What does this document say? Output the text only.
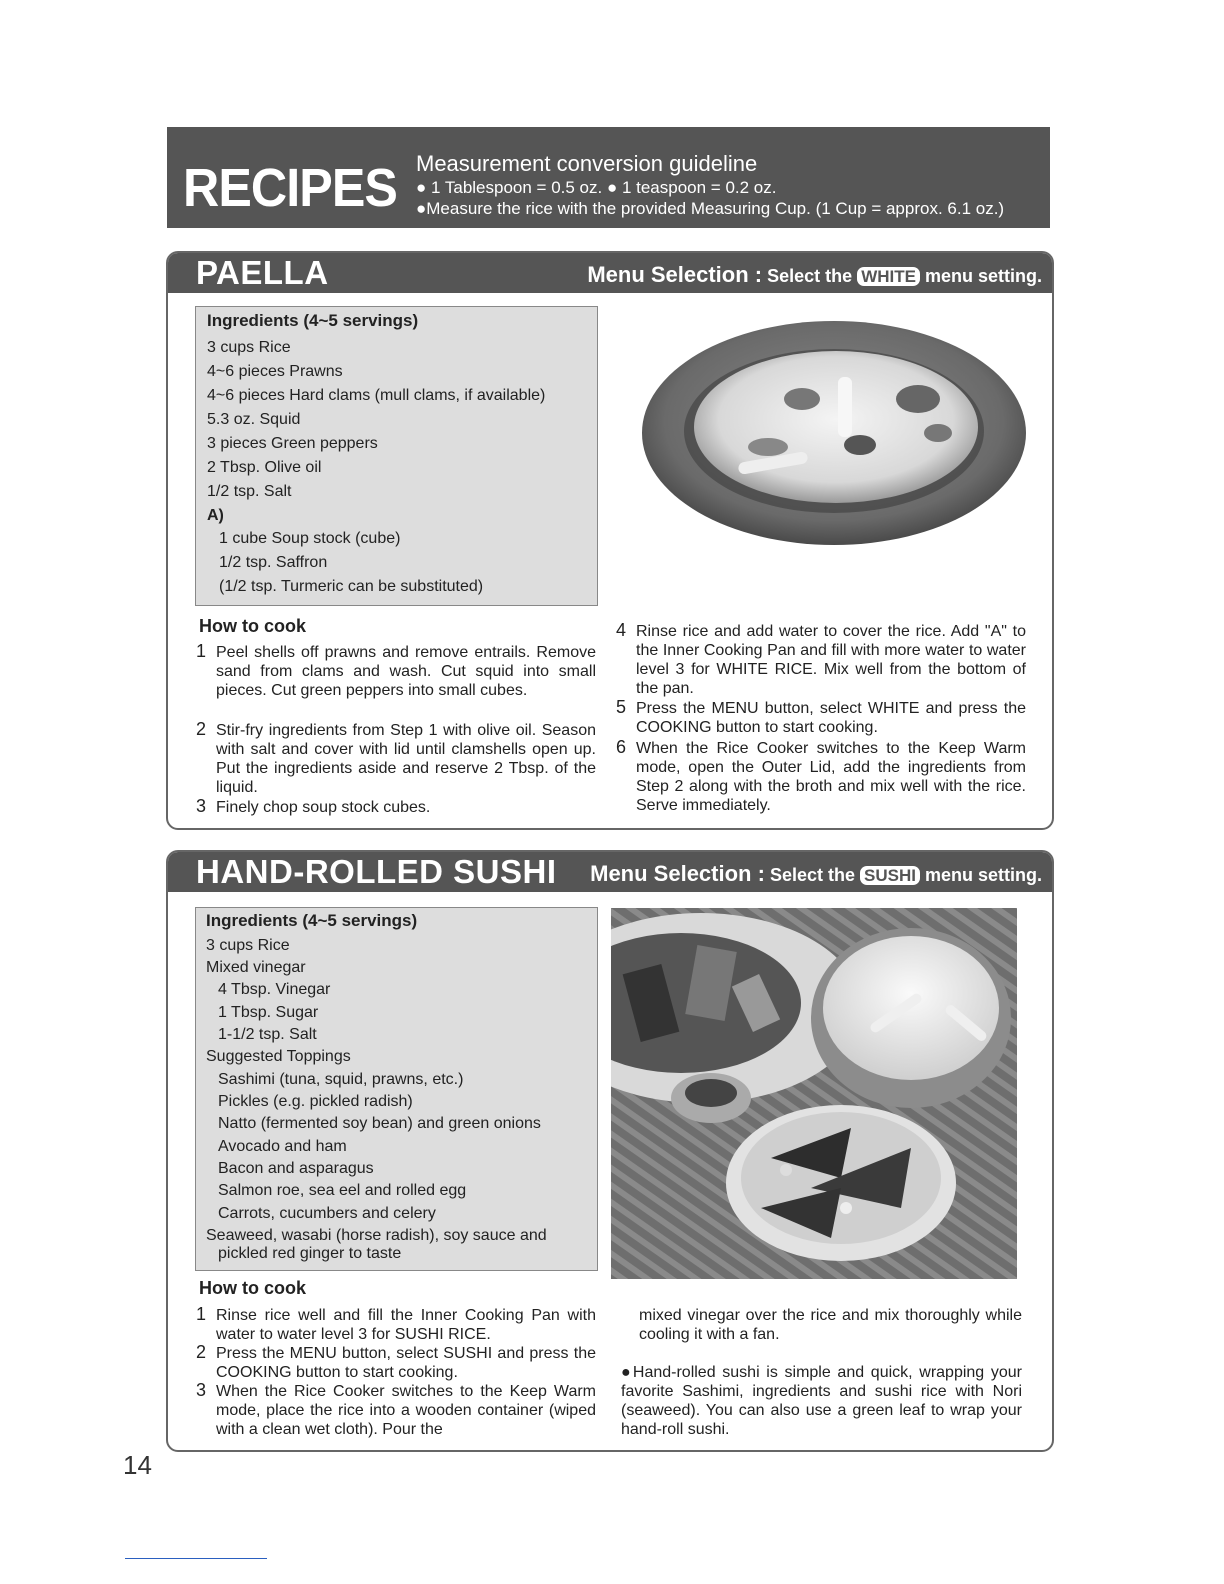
RECIPES Measurement conversion guideline
● 1 Tablespoon = 0.5 oz. ● 1 teaspoon = 0.2 oz.
●Measure the rice with the provided Measuring Cup. (1 Cup = approx. 6.1 oz.)
PAELLA	Menu Selection : Select the WHITE menu setting.
Ingredients (4~5 servings)
3 cups Rice
4~6 pieces Prawns
4~6 pieces Hard clams (mull clams, if available)
5.3 oz. Squid
3 pieces Green peppers
2 Tbsp. Olive oil
1/2 tsp. Salt
A)
1 cube Soup stock (cube)
1/2 tsp. Saffron
(1/2 tsp. Turmeric can be substituted)
How to cook
1 Peel shells off prawns and remove entrails. Remove sand from clams and wash. Cut squid into small pieces. Cut green peppers into small cubes.
2 Stir-fry ingredients from Step 1 with olive oil. Season with salt and cover with lid until clamshells open up. Put the ingredients aside and reserve 2 Tbsp. of the liquid.
3 Finely chop soup stock cubes.
4 Rinse rice and add water to cover the rice. Add "A" to the Inner Cooking Pan and fill with more water to water level 3 for WHITE RICE. Mix well from the bottom of the pan.
5 Press the MENU button, select WHITE and press the COOKING button to start cooking.
6 When the Rice Cooker switches to the Keep Warm mode, open the Outer Lid, add the ingredients from Step 2 along with the broth and mix well with the rice. Serve immediately.
HAND-ROLLED SUSHI Menu Selection : Select the SUSHI menu setting.
Ingredients (4~5 servings)
3 cups Rice
Mixed vinegar
4 Tbsp. Vinegar
1 Tbsp. Sugar
1-1/2 tsp. Salt
Suggested Toppings
Sashimi (tuna, squid, prawns, etc.)
Pickles (e.g. pickled radish)
Natto (fermented soy bean) and green onions
Avocado and ham
Bacon and asparagus
Salmon roe, sea eel and rolled egg
Carrots, cucumbers and celery
Seaweed, wasabi (horse radish), soy sauce and
pickled red ginger to taste
How to cook
1 Rinse rice well and fill the Inner Cooking Pan with water to water level 3 for SUSHI RICE.
2 Press the MENU button, select SUSHI and press the COOKING button to start cooking.
3 When the Rice Cooker switches to the Keep Warm mode, place the rice into a wooden container (wiped with a clean wet cloth). Pour the
mixed vinegar over the rice and mix thoroughly while cooling it with a fan.
●Hand-rolled sushi is simple and quick, wrapping your favorite Sashimi, ingredients and sushi rice with Nori (seaweed). You can also use a green leaf to wrap your hand-roll sushi.
14
